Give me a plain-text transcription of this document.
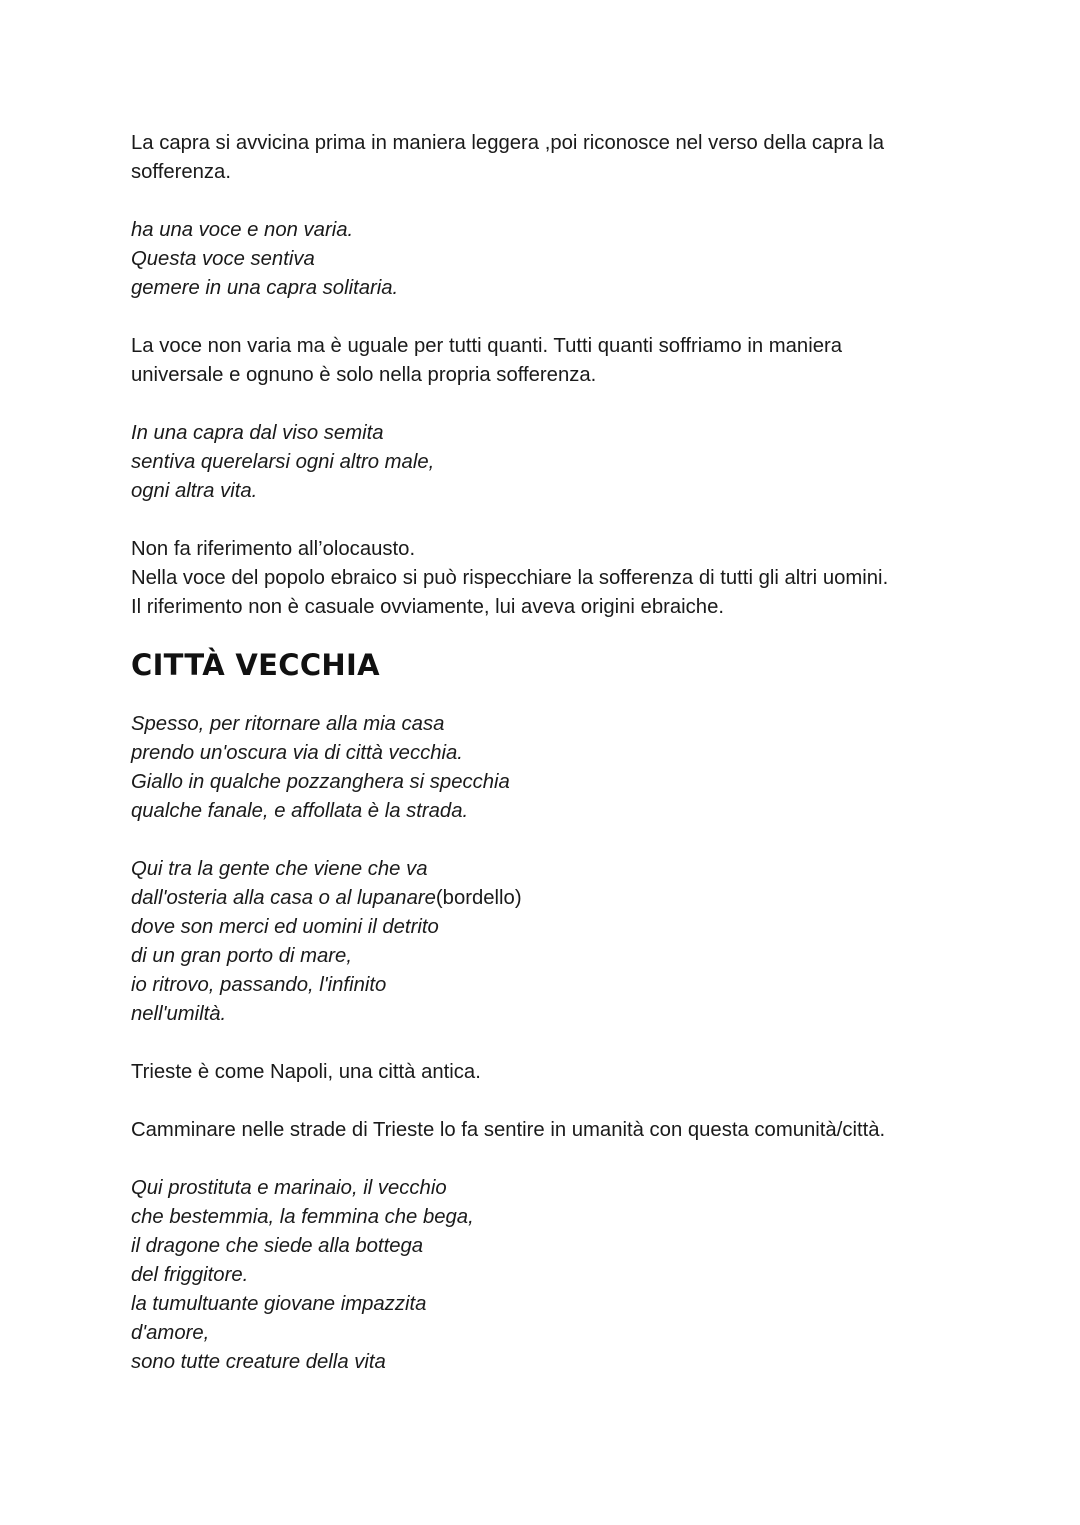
La capra si avvicina prima in maniera leggera ,poi riconosce nel verso della capra la
sofferenza.

ha una voce e non varia.
Questa voce sentiva
gemere in una capra solitaria.

La voce non varia ma è uguale per tutti quanti. Tutti quanti soffriamo in maniera
universale e ognuno è solo nella propria sofferenza.

In una capra dal viso semita
sentiva querelarsi ogni altro male,
ogni altra vita.

Non fa riferimento all’olocausto.
Nella voce del popolo ebraico si può rispecchiare la sofferenza di tutti gli altri uomini.
Il riferimento non è casuale ovviamente, lui aveva origini ebraiche.

CITTÀ VECCHIA

Spesso, per ritornare alla mia casa
prendo un'oscura via di città vecchia.
Giallo in qualche pozzanghera si specchia
qualche fanale, e affollata è la strada.

Qui tra la gente che viene che va
dall'osteria alla casa o al lupanare(bordello)
dove son merci ed uomini il detrito
di un gran porto di mare,
io ritrovo, passando, l'infinito
nell'umiltà.

Trieste è come Napoli, una città antica.

Camminare nelle strade di Trieste lo fa sentire in umanità con questa comunità/città.

Qui prostituta e marinaio, il vecchio
che bestemmia, la femmina che bega,
il dragone che siede alla bottega
del friggitore.
la tumultuante giovane impazzita
d'amore,
sono tutte creature della vita
